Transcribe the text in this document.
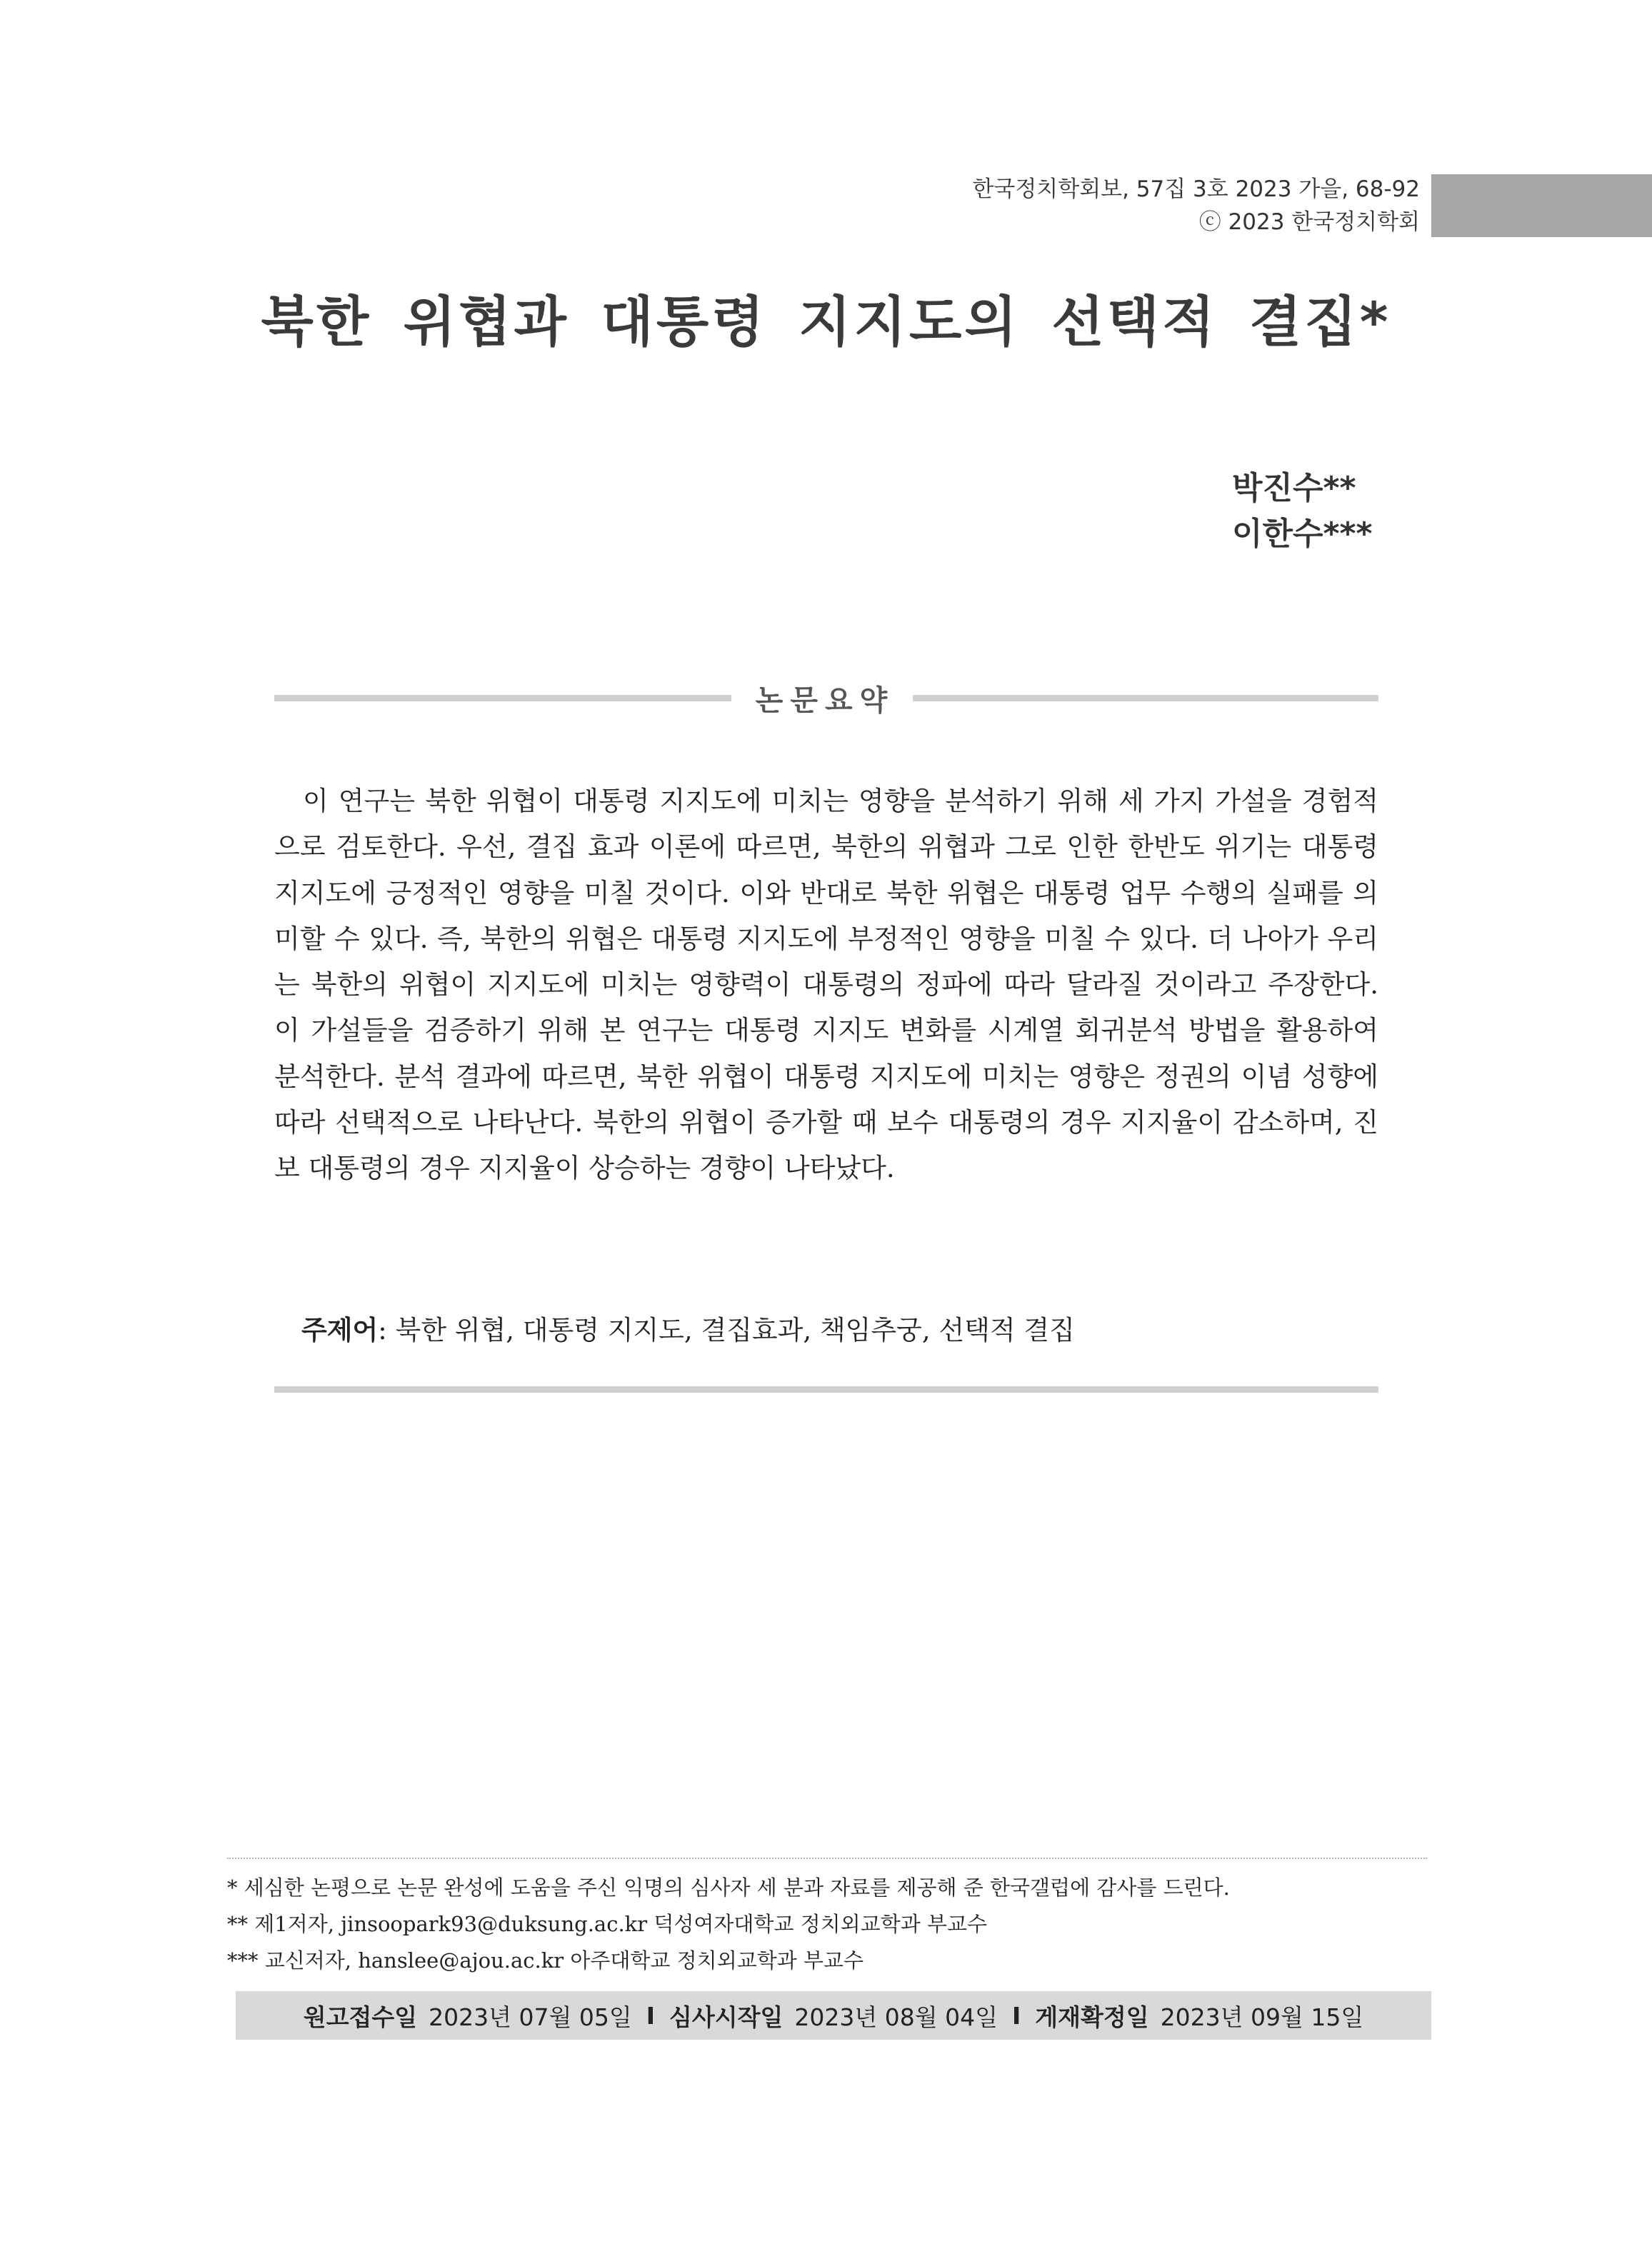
한국정치학회보, 57집 3호 2023 가을, 68-92
ⓒ 2023 한국정치학회
북한 위협과 대통령 지지도의 선택적 결집*
박진수**
이한수***
논문요약

이 연구는 북한 위협이 대통령 지지도에 미치는 영향을 분석하기 위해 세 가지 가설을 경험적으로 검토한다. 우선, 결집 효과 이론에 따르면, 북한의 위협과 그로 인한 한반도 위기는 대통령 지지도에 긍정적인 영향을 미칠 것이다. 이와 반대로 북한 위협은 대통령 업무 수행의 실패를 의미할 수 있다. 즉, 북한의 위협은 대통령 지지도에 부정적인 영향을 미칠 수 있다. 더 나아가 우리는 북한의 위협이 지지도에 미치는 영향력이 대통령의 정파에 따라 달라질 것이라고 주장한다. 이 가설들을 검증하기 위해 본 연구는 대통령 지지도 변화를 시계열 회귀분석 방법을 활용하여 분석한다. 분석 결과에 따르면, 북한 위협이 대통령 지지도에 미치는 영향은 정권의 이념 성향에 따라 선택적으로 나타난다. 북한의 위협이 증가할 때 보수 대통령의 경우 지지율이 감소하며, 진보 대통령의 경우 지지율이 상승하는 경향이 나타났다.

주제어: 북한 위협, 대통령 지지도, 결집효과, 책임추궁, 선택적 결집
* 세심한 논평으로 논문 완성에 도움을 주신 익명의 심사자 세 분과 자료를 제공해 준 한국갤럽에 감사를 드린다.
** 제1저자, jinsoopark93@duksung.ac.kr 덕성여자대학교 정치외교학과 부교수
*** 교신저자, hanslee@ajou.ac.kr 아주대학교 정치외교학과 부교수
원고접수일 2023년 07월 05일 I 심사시작일 2023년 08월 04일 I 게재확정일 2023년 09월 15일
